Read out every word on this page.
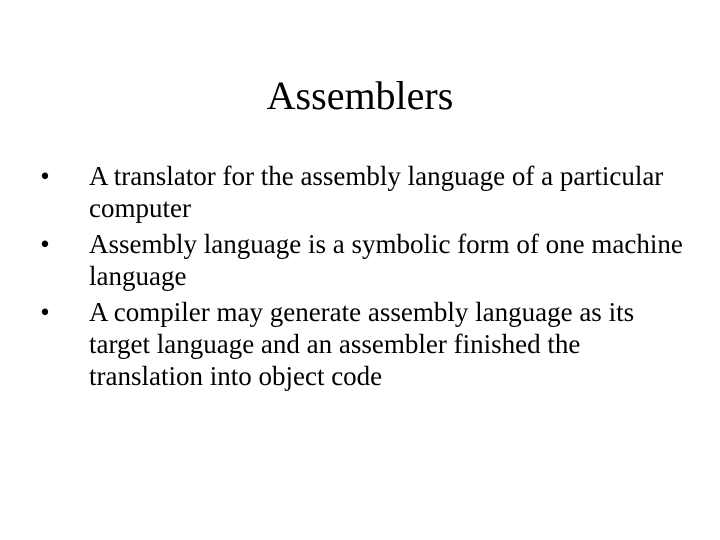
Assemblers
•	A translator for the assembly language of a particular computer
•	Assembly language is a symbolic form of one machine language
•	A compiler may generate assembly language as its target language and an assembler finished the translation into object code
